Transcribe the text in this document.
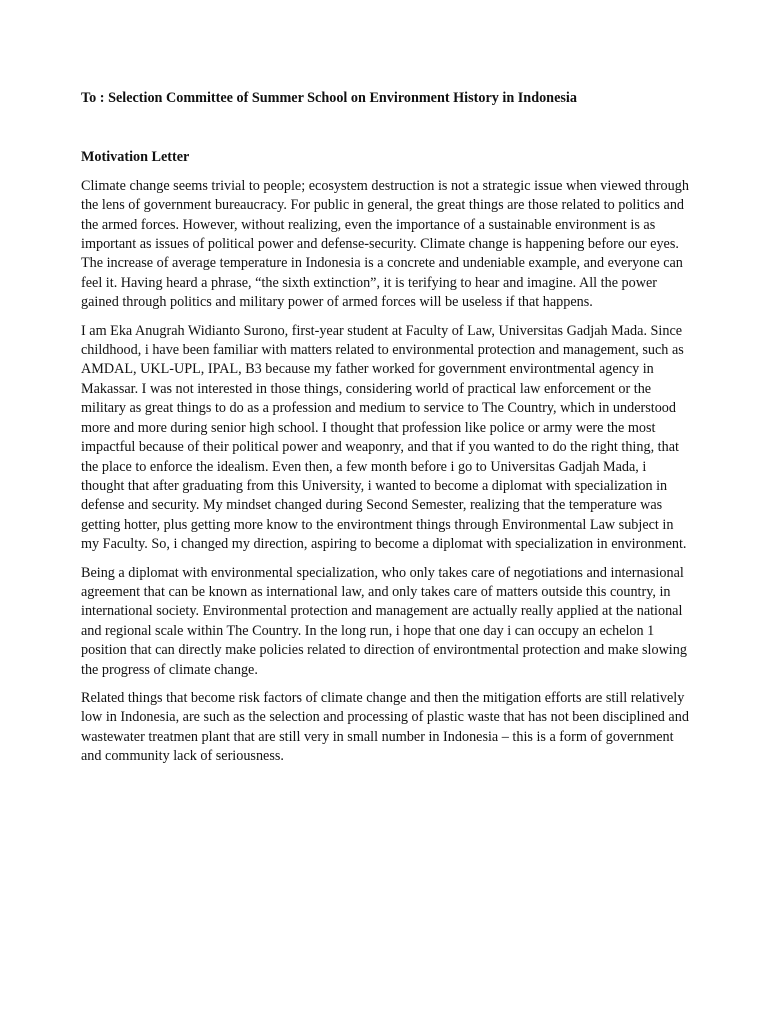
To : Selection Committee of Summer School on Environment History in Indonesia

Motivation Letter

Climate change seems trivial to people; ecosystem destruction is not a strategic issue when viewed through the lens of government bureaucracy. For public in general, the great things are those related to politics and the armed forces. However, without realizing, even the importance of a sustainable environment is as important as issues of political power and defense-security. Climate change is happening before our eyes. The increase of average temperature in Indonesia is a concrete and undeniable example, and everyone can feel it. Having heard a phrase, “the sixth extinction”, it is terifying to hear and imagine. All the power gained through politics and military power of armed forces will be useless if that happens.

I am Eka Anugrah Widianto Surono, first-year student at Faculty of Law, Universitas Gadjah Mada. Since childhood, i have been familiar with matters related to environmental protection and management, such as AMDAL, UKL-UPL, IPAL, B3 because my father worked for government environtmental agency in Makassar. I was not interested in those things, considering world of practical law enforcement or the military as great things to do as a profession and medium to service to The Country, which in understood more and more during senior high school. I thought that profession like police or army were the most impactful because of their political power and weaponry, and that if you wanted to do the right thing, that the place to enforce the idealism. Even then, a few month before i go to Universitas Gadjah Mada, i thought that after graduating from this University, i wanted to become a diplomat with specialization in defense and security. My mindset changed during Second Semester, realizing that the temperature was getting hotter, plus getting more know to the environtment things through Environmental Law subject in my Faculty. So, i changed my direction, aspiring to become a diplomat with specialization in environment.

Being a diplomat with environmental specialization, who only takes care of negotiations and internasional agreement that can be known as international law, and only takes care of matters outside this country, in international society. Environmental protection and management are actually really applied at the national and regional scale within The Country. In the long run, i hope that one day i can occupy an echelon 1 position that can directly make policies related to direction of environtmental protection and make slowing the progress of climate change.

Related things that become risk factors of climate change and then the mitigation efforts are still relatively low in Indonesia, are such as the selection and processing of plastic waste that has not been disciplined and wastewater treatmen plant that are still very in small number in Indonesia – this is a form of government and community lack of seriousness.
